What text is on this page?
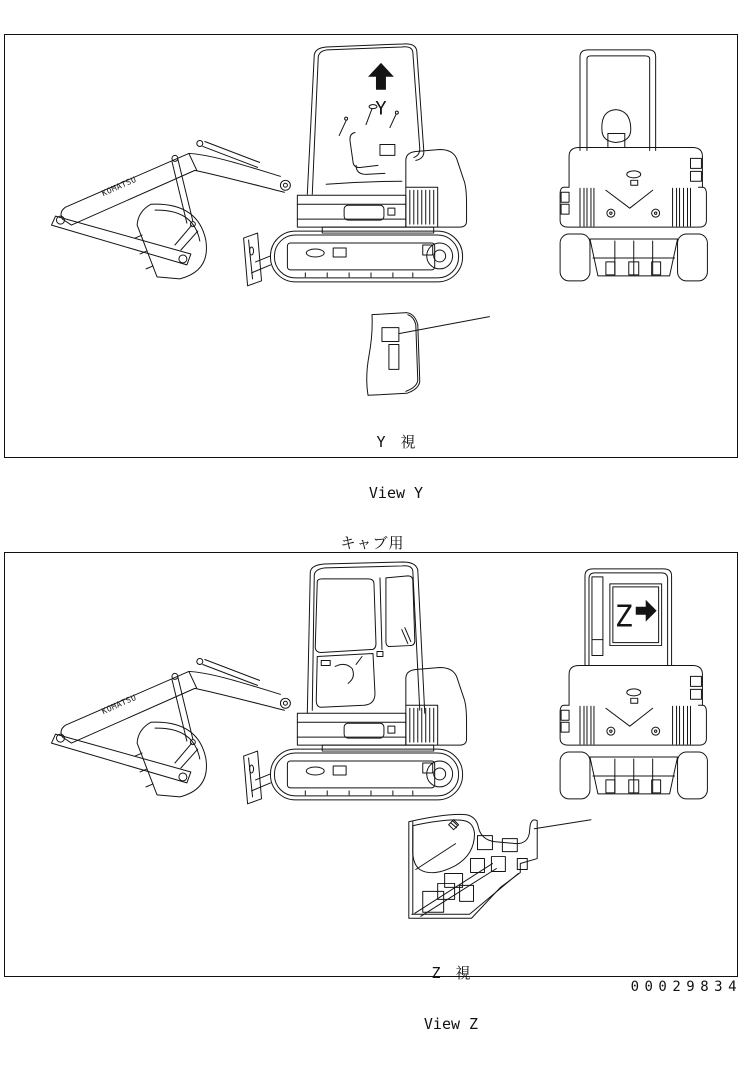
Y
KOMATSU

Y　視

View Y

キャブ用

KOMATSU
Z

Z　視

View Z

00029834
